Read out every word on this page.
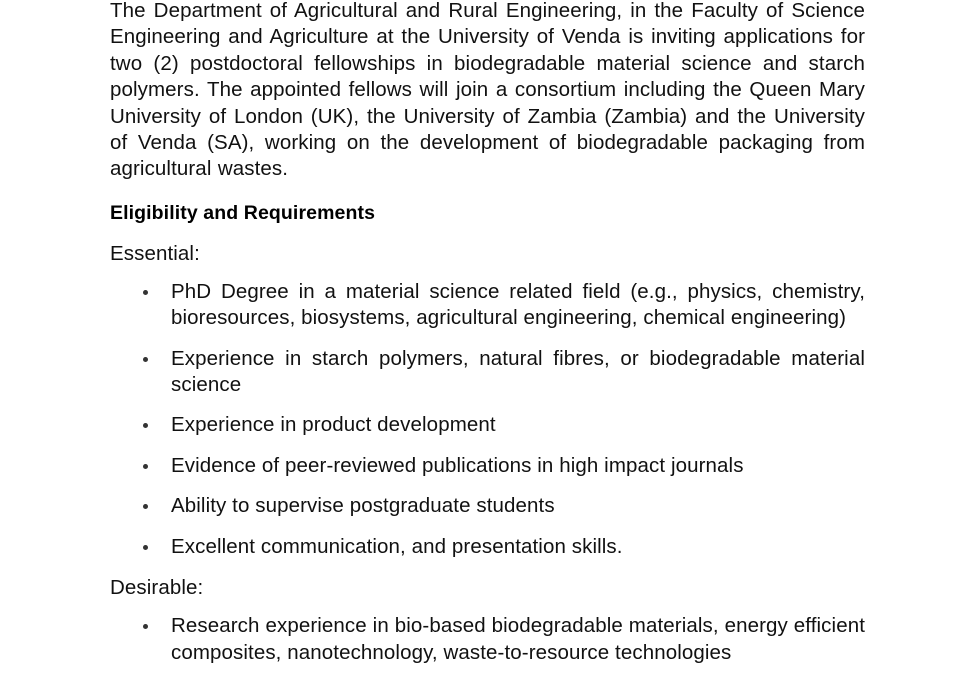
The Department of Agricultural and Rural Engineering, in the Faculty of Science Engineering and Agriculture at the University of Venda is inviting applications for two (2) postdoctoral fellowships in biodegradable material science and starch polymers. The appointed fellows will join a consortium including the Queen Mary University of London (UK), the University of Zambia (Zambia) and the University of Venda (SA), working on the development of biodegradable packaging from agricultural wastes.

Eligibility and Requirements

Essential:

PhD Degree in a material science related field (e.g., physics, chemistry, bioresources, biosystems, agricultural engineering, chemical engineering)
Experience in starch polymers, natural fibres, or biodegradable material science
Experience in product development
Evidence of peer-reviewed publications in high impact journals
Ability to supervise postgraduate students
Excellent communication, and presentation skills.

Desirable:

Research experience in bio-based biodegradable materials, energy efficient composites, nanotechnology, waste-to-resource technologies
